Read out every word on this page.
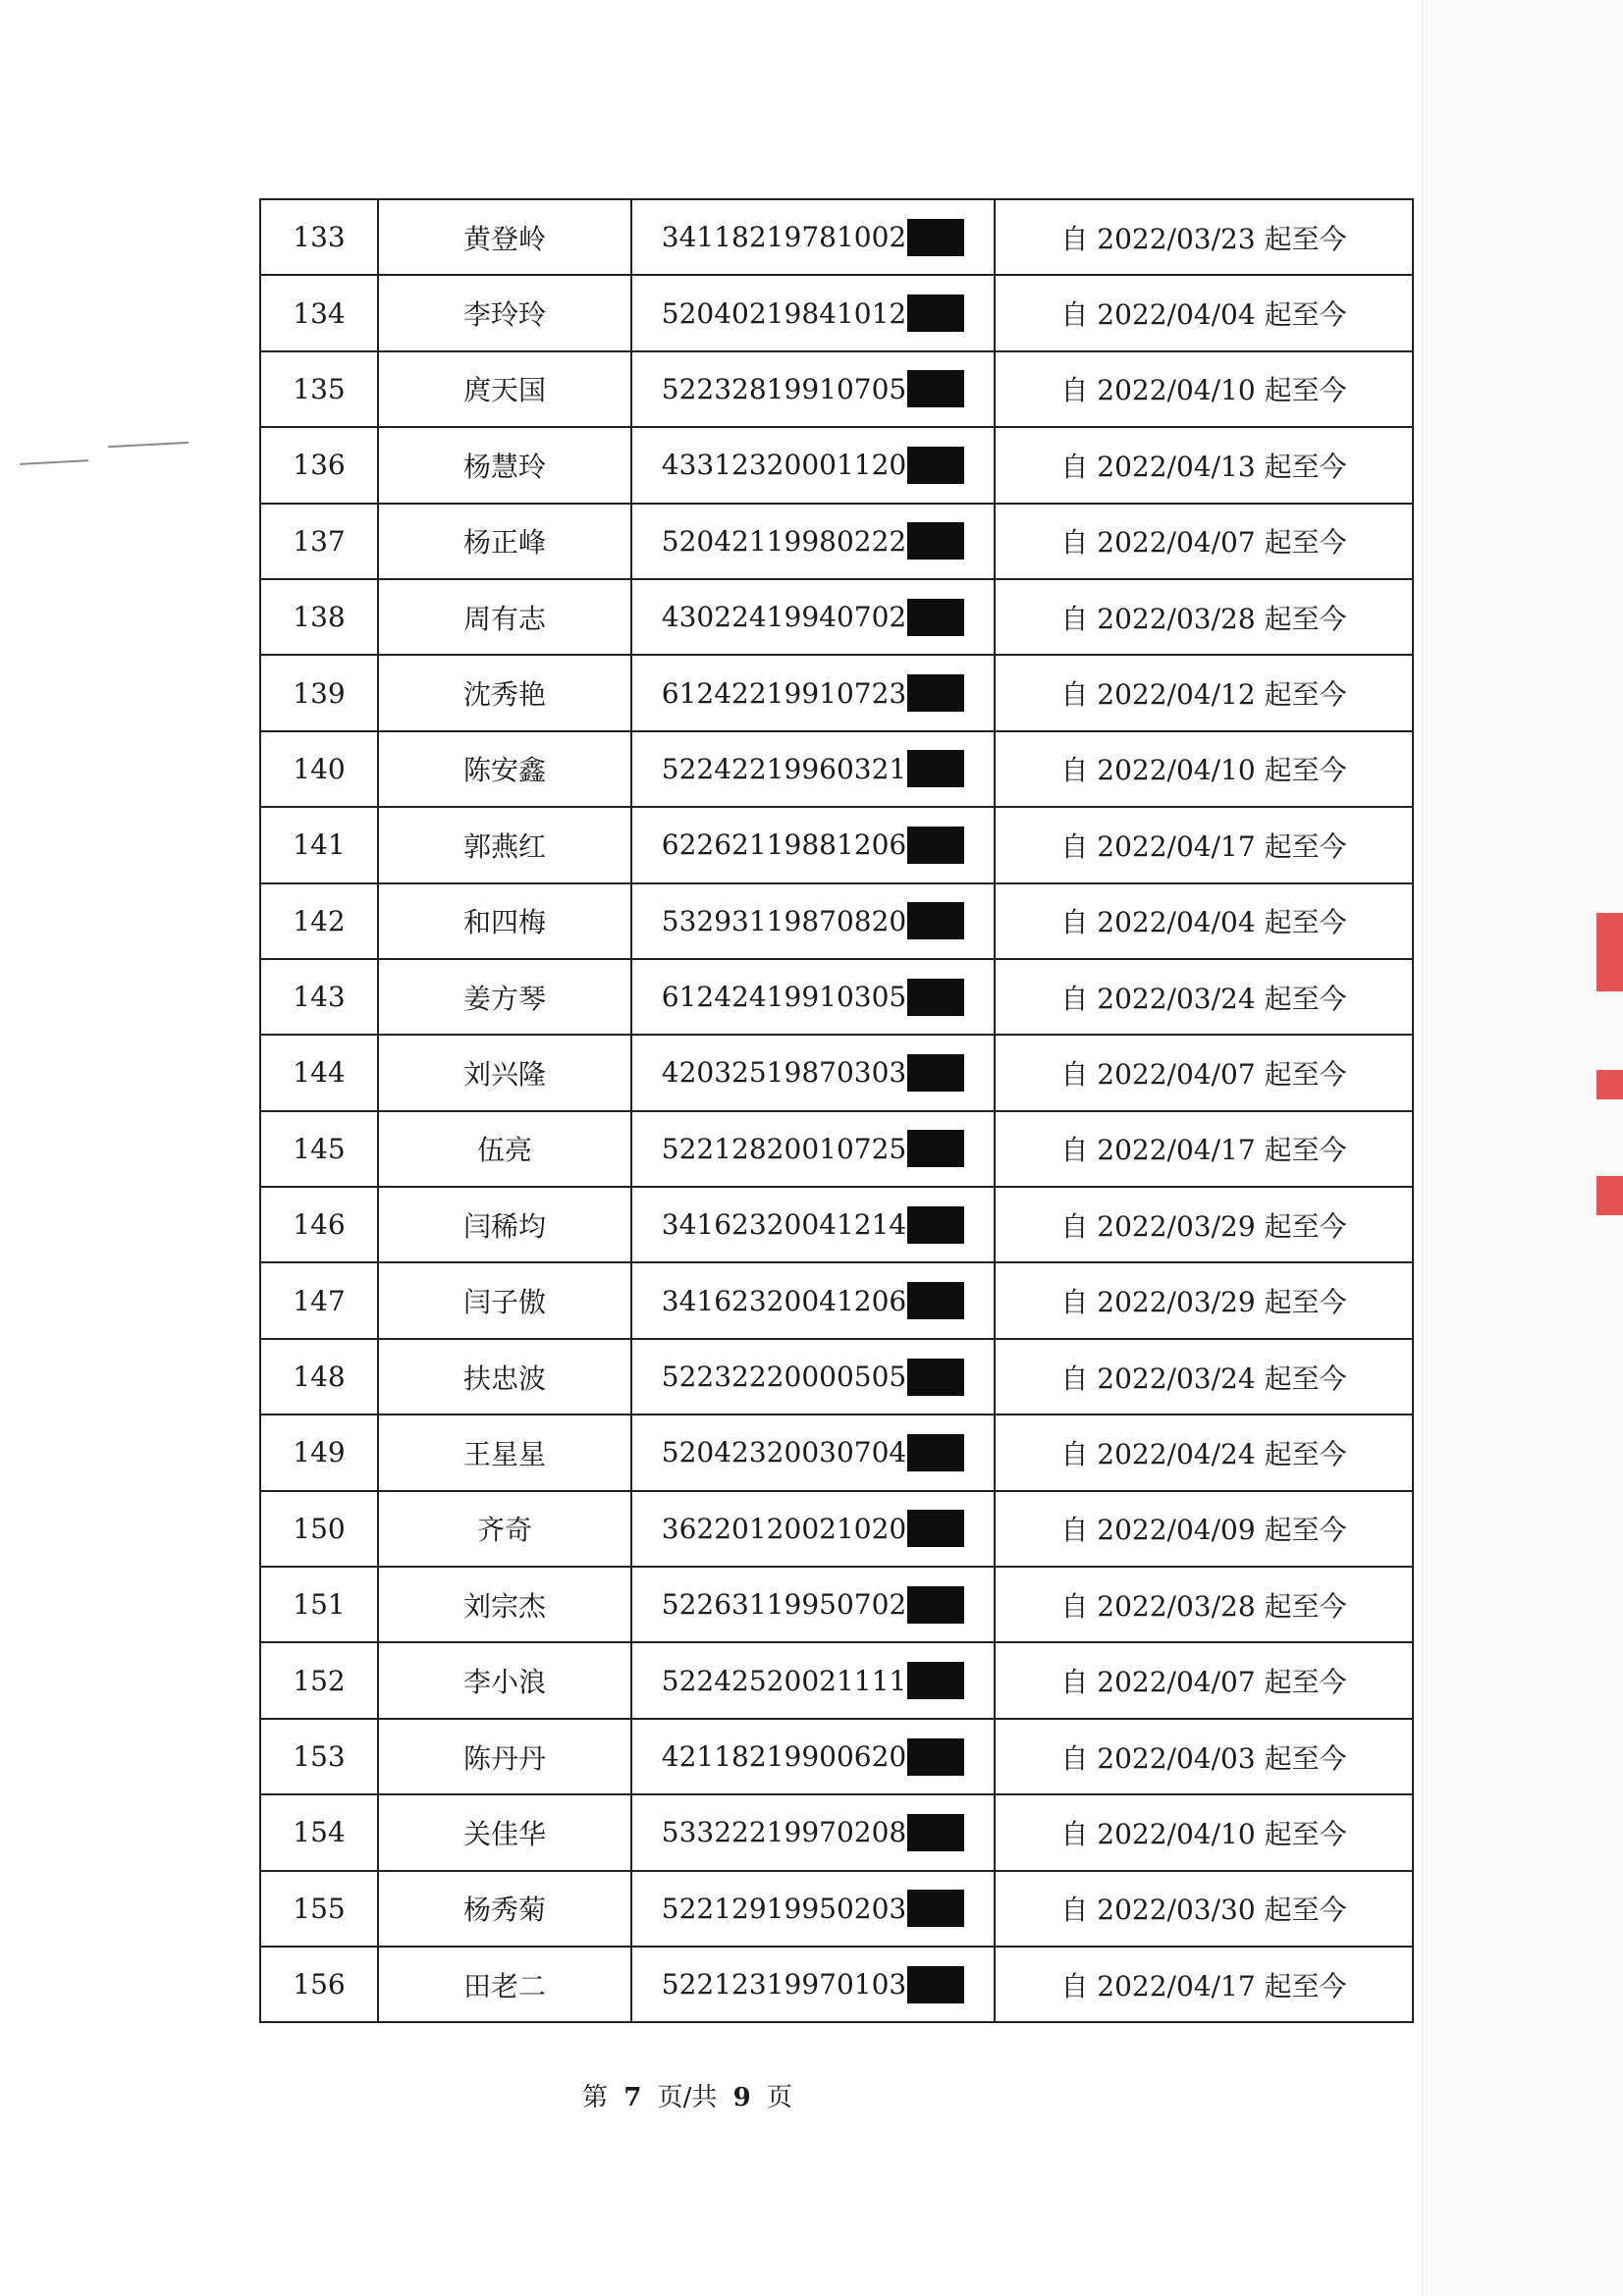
133	黄登岭	34118219781002	自 2022/03/23 起至今
134	李玲玲	52040219841012	自 2022/04/04 起至今
135	庹天国	52232819910705	自 2022/04/10 起至今
136	杨慧玲	43312320001120	自 2022/04/13 起至今
137	杨正峰	52042119980222	自 2022/04/07 起至今
138	周有志	43022419940702	自 2022/03/28 起至今
139	沈秀艳	61242219910723	自 2022/04/12 起至今
140	陈安鑫	52242219960321	自 2022/04/10 起至今
141	郭燕红	62262119881206	自 2022/04/17 起至今
142	和四梅	53293119870820	自 2022/04/04 起至今
143	姜方琴	61242419910305	自 2022/03/24 起至今
144	刘兴隆	42032519870303	自 2022/04/07 起至今
145	伍亮	52212820010725	自 2022/04/17 起至今
146	闫稀均	34162320041214	自 2022/03/29 起至今
147	闫子傲	34162320041206	自 2022/03/29 起至今
148	扶忠波	52232220000505	自 2022/03/24 起至今
149	王星星	52042320030704	自 2022/04/24 起至今
150	齐奇	36220120021020	自 2022/04/09 起至今
151	刘宗杰	52263119950702	自 2022/03/28 起至今
152	李小浪	52242520021111	自 2022/04/07 起至今
153	陈丹丹	42118219900620	自 2022/04/03 起至今
154	关佳华	53322219970208	自 2022/04/10 起至今
155	杨秀菊	52212919950203	自 2022/03/30 起至今
156	田老二	52212319970103	自 2022/04/17 起至今
第 7 页/共 9 页
